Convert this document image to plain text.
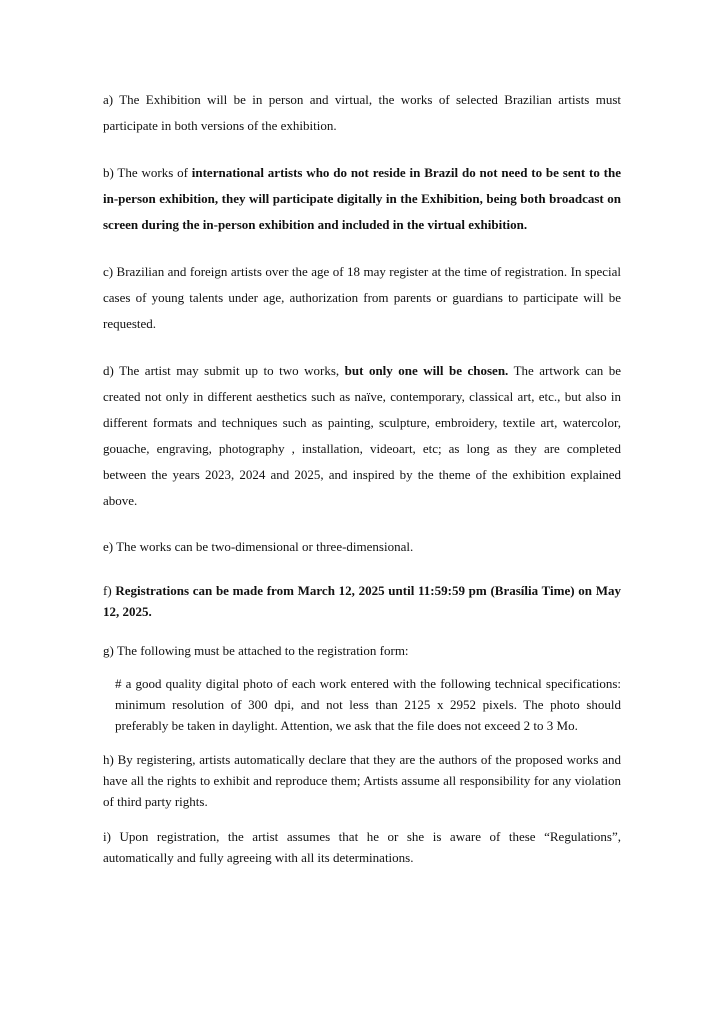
a) The Exhibition will be in person and virtual, the works of selected Brazilian artists must participate in both versions of the exhibition.

b) The works of international artists who do not reside in Brazil do not need to be sent to the in-person exhibition, they will participate digitally in the Exhibition, being both broadcast on screen during the in-person exhibition and included in the virtual exhibition.

c) Brazilian and foreign artists over the age of 18 may register at the time of registration. In special cases of young talents under age, authorization from parents or guardians to participate will be requested.

d) The artist may submit up to two works, but only one will be chosen. The artwork can be created not only in different aesthetics such as naïve, contemporary, classical art, etc., but also in different formats and techniques such as painting, sculpture, embroidery, textile art, watercolor, gouache, engraving, photography , installation, videoart, etc; as long as they are completed between the years 2023, 2024 and 2025, and inspired by the theme of the exhibition explained above.

e) The works can be two-dimensional or three-dimensional.

f) Registrations can be made from March 12, 2025 until 11:59:59 pm (Brasília Time) on May 12, 2025.

g) The following must be attached to the registration form:

# a good quality digital photo of each work entered with the following technical specifications: minimum resolution of 300 dpi, and not less than 2125 x 2952 pixels. The photo should preferably be taken in daylight. Attention, we ask that the file does not exceed 2 to 3 Mo.

h) By registering, artists automatically declare that they are the authors of the proposed works and have all the rights to exhibit and reproduce them; Artists assume all responsibility for any violation of third party rights.

i) Upon registration, the artist assumes that he or she is aware of these “Regulations”, automatically and fully agreeing with all its determinations.
